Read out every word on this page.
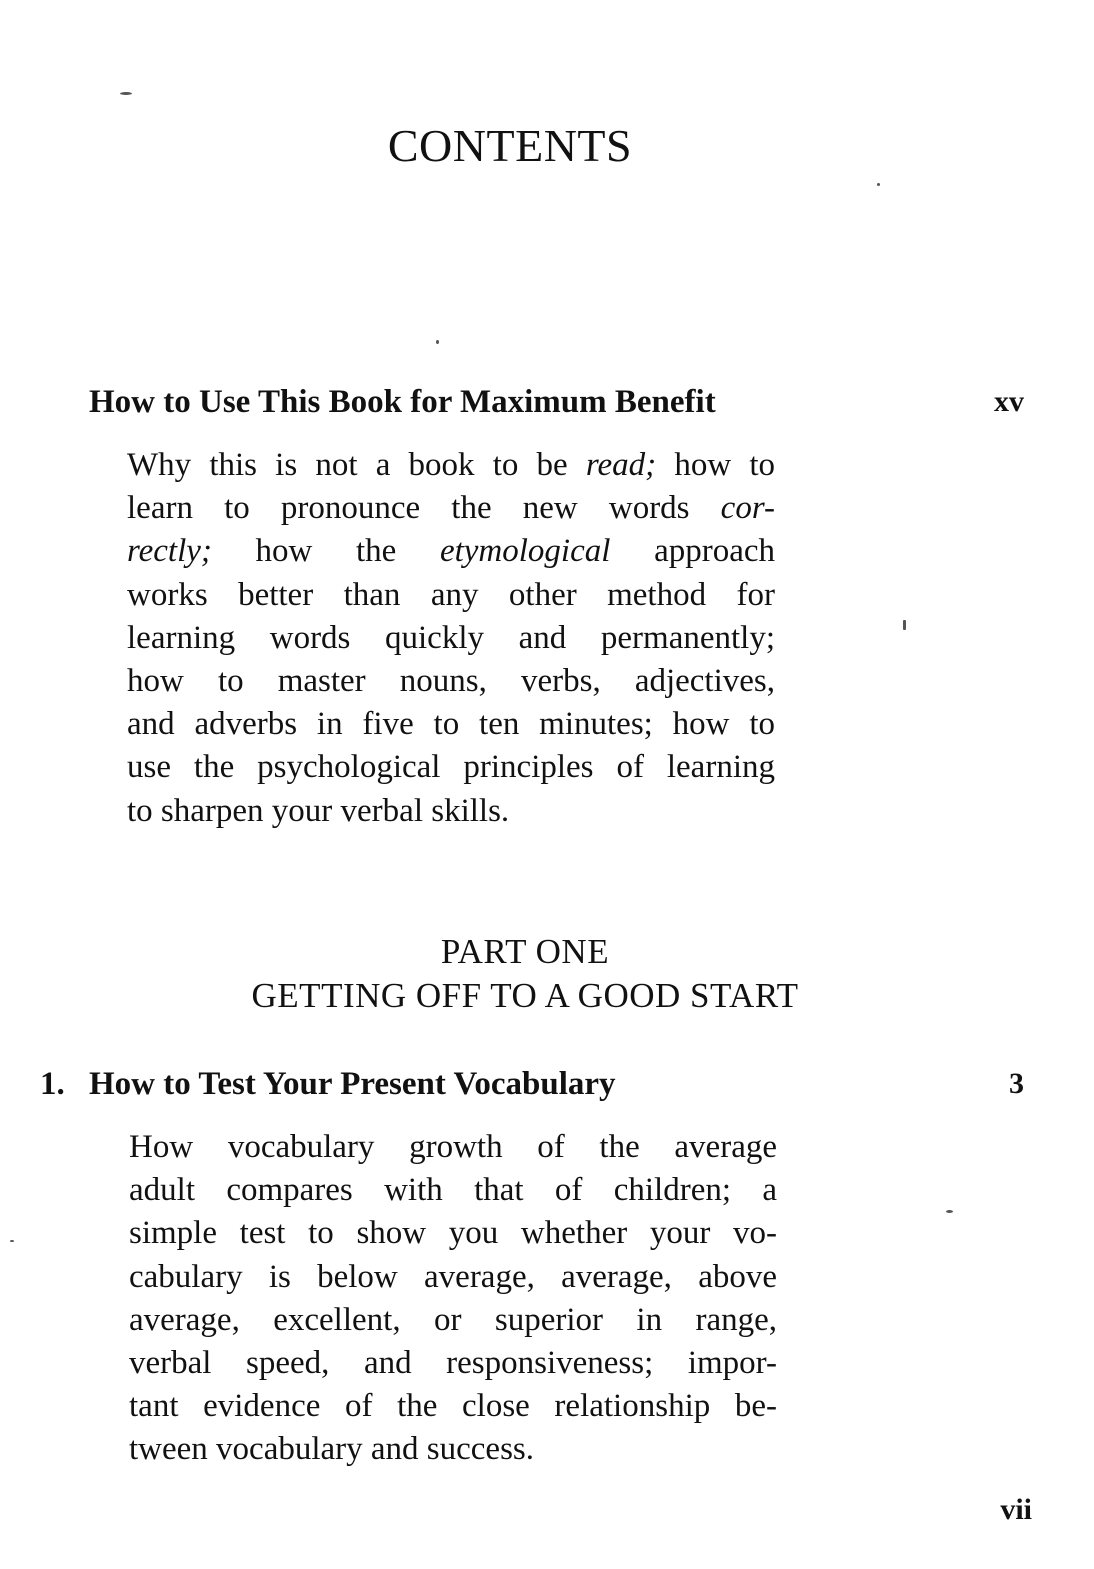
CONTENTS
How to Use This Book for Maximum Benefit	xv
Why this is not a book to be read; how to
learn to pronounce the new words cor-
rectly; how the etymological approach
works better than any other method for
learning words quickly and permanently;
how to master nouns, verbs, adjectives,
and adverbs in five to ten minutes; how to
use the psychological principles of learning
to sharpen your verbal skills.
PART ONE
GETTING OFF TO A GOOD START
1. How to Test Your Present Vocabulary	3
How vocabulary growth of the average
adult compares with that of children; a
simple test to show you whether your vo-
cabulary is below average, average, above
average, excellent, or superior in range,
verbal speed, and responsiveness; impor-
tant evidence of the close relationship be-
tween vocabulary and success.
vii
